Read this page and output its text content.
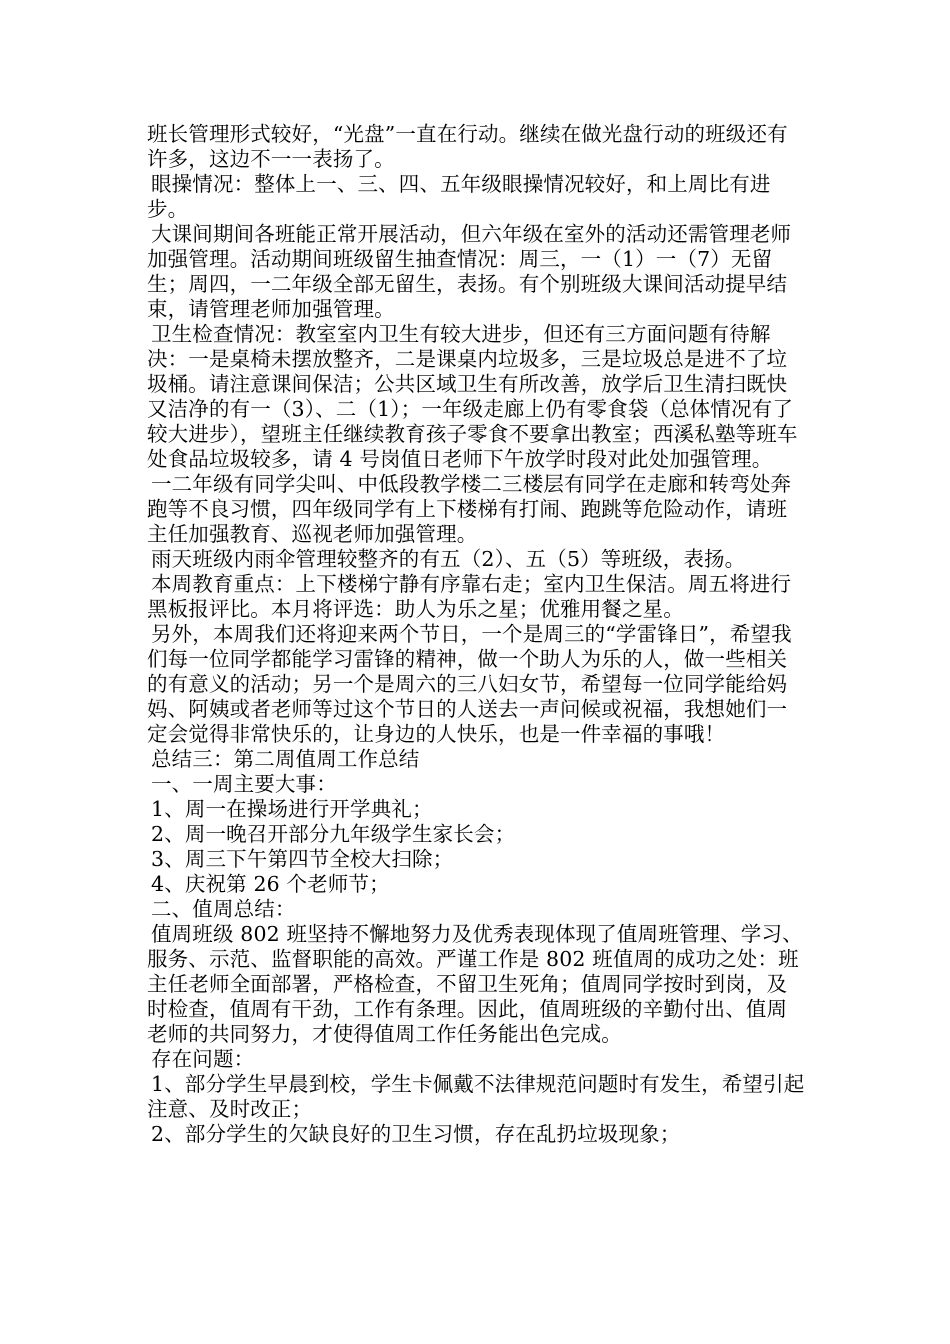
班长管理形式较好，“光盘”一直在行动。继续在做光盘行动的班级还有许多，这边不一一表扬了。

眼操情况：整体上一、三、四、五年级眼操情况较好，和上周比有进步。

大课间期间各班能正常开展活动，但六年级在室外的活动还需管理老师加强管理。活动期间班级留生抽查情况：周三，一（1）一（7）无留生；周四，一二年级全部无留生，表扬。有个别班级大课间活动提早结束，请管理老师加强管理。

卫生检查情况：教室室内卫生有较大进步，但还有三方面问题有待解决：一是桌椅未摆放整齐，二是课桌内垃圾多，三是垃圾总是进不了垃圾桶。请注意课间保洁；公共区域卫生有所改善，放学后卫生清扫既快又洁净的有一（3）、二（1）；一年级走廊上仍有零食袋（总体情况有了较大进步），望班主任继续教育孩子零食不要拿出教室；西溪私塾等班车处食品垃圾较多，请 4 号岗值日老师下午放学时段对此处加强管理。

一二年级有同学尖叫、中低段教学楼二三楼层有同学在走廊和转弯处奔跑等不良习惯，四年级同学有上下楼梯有打闹、跑跳等危险动作，请班主任加强教育、巡视老师加强管理。

雨天班级内雨伞管理较整齐的有五（2）、五（5）等班级，表扬。

本周教育重点：上下楼梯宁静有序靠右走；室内卫生保洁。周五将进行黑板报评比。本月将评选：助人为乐之星；优雅用餐之星。

另外，本周我们还将迎来两个节日，一个是周三的“学雷锋日”，希望我们每一位同学都能学习雷锋的精神，做一个助人为乐的人，做一些相关的有意义的活动；另一个是周六的三八妇女节，希望每一位同学能给妈妈、阿姨或者老师等过这个节日的人送去一声问候或祝福，我想她们一定会觉得非常快乐的，让身边的人快乐，也是一件幸福的事哦！

总结三：第二周值周工作总结

一、一周主要大事：

1、周一在操场进行开学典礼；

2、周一晚召开部分九年级学生家长会；

3、周三下午第四节全校大扫除；

4、庆祝第 26 个老师节；

二、值周总结：

值周班级 802 班坚持不懈地努力及优秀表现体现了值周班管理、学习、服务、示范、监督职能的高效。严谨工作是 802 班值周的成功之处：班主任老师全面部署，严格检查，不留卫生死角；值周同学按时到岗，及时检查，值周有干劲，工作有条理。因此，值周班级的辛勤付出、值周老师的共同努力，才使得值周工作任务能出色完成。

存在问题：

1、部分学生早晨到校，学生卡佩戴不法律规范问题时有发生，希望引起注意、及时改正；

2、部分学生的欠缺良好的卫生习惯，存在乱扔垃圾现象；
